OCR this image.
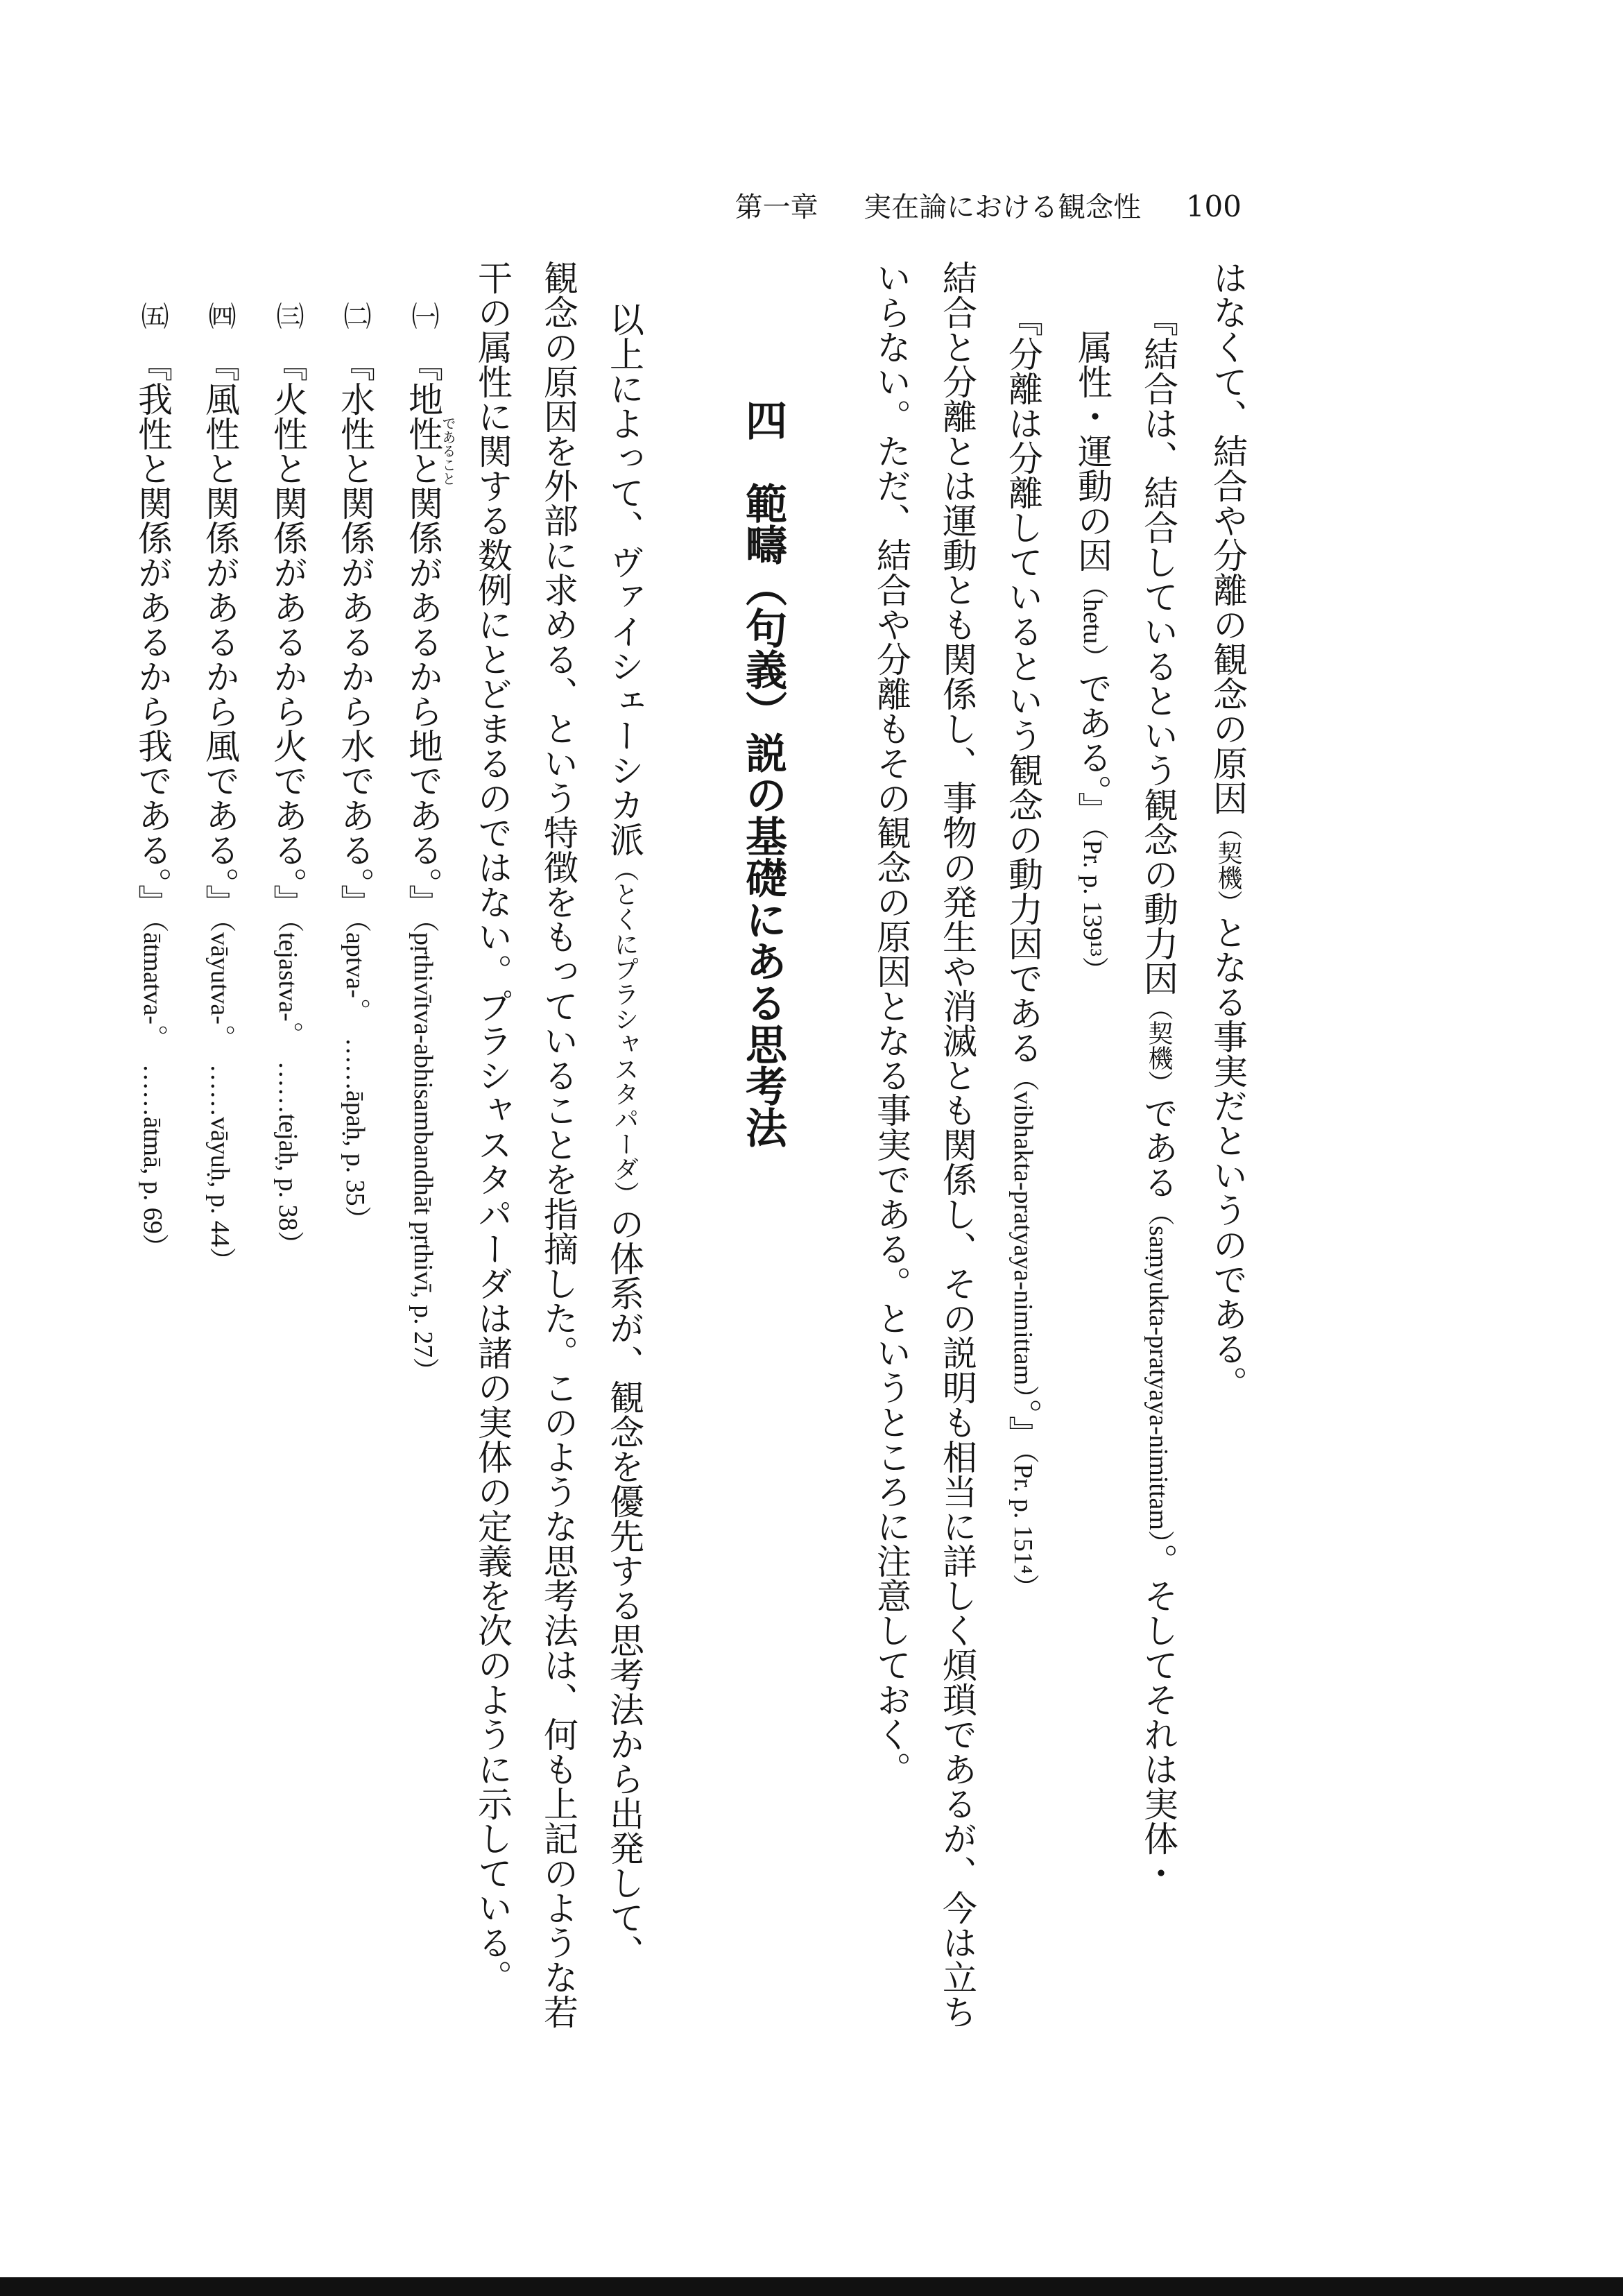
第一章 　 実在論における観念性 100
はなくて、結合や分離の観念の原因（契機）となる事実だというのである。
『結合は、結合しているという観念の動力因（契機）である（saṃyukta-pratyaya-nimittam）。そしてそれは実体・
属性・運動の因（hetu）である。』（Pr. p. 139¹³）
『分離は分離しているという観念の動力因である（vibhakta-pratyaya-nimittam）。』（Pr. p. 151⁴）
結合と分離とは運動とも関係し、事物の発生や消滅とも関係し、その説明も相当に詳しく煩瑣であるが、今は立ち
いらない。ただ、結合や分離もその観念の原因となる事実である。というところに注意しておく。
四範疇（句義）説の基礎にある思考法
以上によって、ヴァイシェーシカ派（とくにプラシャスタパーダ）の体系が、観念を優先する思考法から出発して、
観念の原因を外部に求める、という特徴をもっていることを指摘した。このような思考法は、何も上記のような若
干の属性に関する数例にとどまるのではない。プラシャスタパーダは諸の実体の定義を次のように示している。
㈠　『地性と関係があるから地である。』（pṛthivītva-abhisambandhāt pṛthivī, p. 27）
㈡　『水性と関係があるから水である。』（aptva-。　……āpaḥ, p. 35）
㈢　『火性と関係があるから火である。』（tejastva-。　……tejaḥ, p. 38）
㈣　『風性と関係があるから風である。』（vāyutva-。　……vāyuḥ, p. 44）
㈤　『我性と関係があるから我である。』（ātmatva-。　……ātmā, p. 69）
であること
